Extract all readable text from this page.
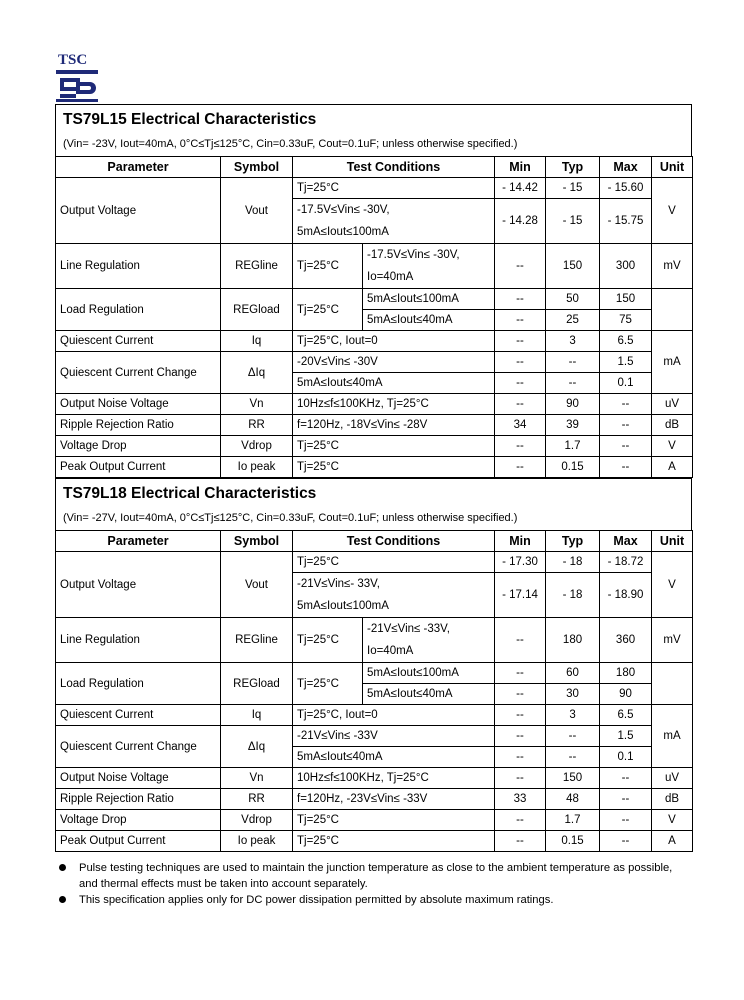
TSC
TS79L15 Electrical Characteristics
(Vin= -23V, Iout=40mA, 0°C≤Tj≤125°C, Cin=0.33uF, Cout=0.1uF; unless otherwise specified.)
Parameter	Symbol	Test Conditions		Min	Typ	Max	Unit
Output Voltage	Vout	Tj=25°C		- 14.42	- 15	- 15.60	V
		-17.5V≤Vin≤ -30V,
5mA≤Iout≤100mA		- 14.28	- 15	- 15.75	
Line Regulation	REGline	Tj=25°C	-17.5V≤Vin≤ -30V,
Io=40mA	--	150	300	mV
Load Regulation	REGload	Tj=25°C	5mA≤Iout≤100mA	--	50	150	
			5mA≤Iout≤40mA	--	25	75	
Quiescent Current	Iq	Tj=25°C, Iout=0		--	3	6.5	mA
Quiescent Current Change	ΔIq	-20V≤Vin≤ -30V		--	--	1.5	
		5mA≤Iout≤40mA		--	--	0.1	
Output Noise Voltage	Vn	10Hz≤f≤100KHz, Tj=25°C		--	90	--	uV
Ripple Rejection Ratio	RR	f=120Hz, -18V≤Vin≤ -28V		34	39	--	dB
Voltage Drop	Vdrop	Tj=25°C		--	1.7	--	V
Peak Output Current	Io peak	Tj=25°C		--	0.15	--	A
TS79L18 Electrical Characteristics
(Vin= -27V, Iout=40mA, 0°C≤Tj≤125°C, Cin=0.33uF, Cout=0.1uF; unless otherwise specified.)
Parameter	Symbol	Test Conditions		Min	Typ	Max	Unit
Output Voltage	Vout	Tj=25°C		- 17.30	- 18	- 18.72	V
		-21V≤Vin≤- 33V,
5mA≤Iout≤100mA		- 17.14	- 18	- 18.90	
Line Regulation	REGline	Tj=25°C	-21V≤Vin≤ -33V,
Io=40mA	--	180	360	mV
Load Regulation	REGload	Tj=25°C	5mA≤Iout≤100mA	--	60	180	
			5mA≤Iout≤40mA	--	30	90	
Quiescent Current	Iq	Tj=25°C, Iout=0		--	3	6.5	mA
Quiescent Current Change	ΔIq	-21V≤Vin≤ -33V		--	--	1.5	
		5mA≤Iout≤40mA		--	--	0.1	
Output Noise Voltage	Vn	10Hz≤f≤100KHz, Tj=25°C		--	150	--	uV
Ripple Rejection Ratio	RR	f=120Hz, -23V≤Vin≤ -33V		33	48	--	dB
Voltage Drop	Vdrop	Tj=25°C		--	1.7	--	V
Peak Output Current	Io peak	Tj=25°C		--	0.15	--	A
Pulse testing techniques are used to maintain the junction temperature as close to the ambient temperature as possible, and thermal effects must be taken into account separately.
This specification applies only for DC power dissipation permitted by absolute maximum ratings.
